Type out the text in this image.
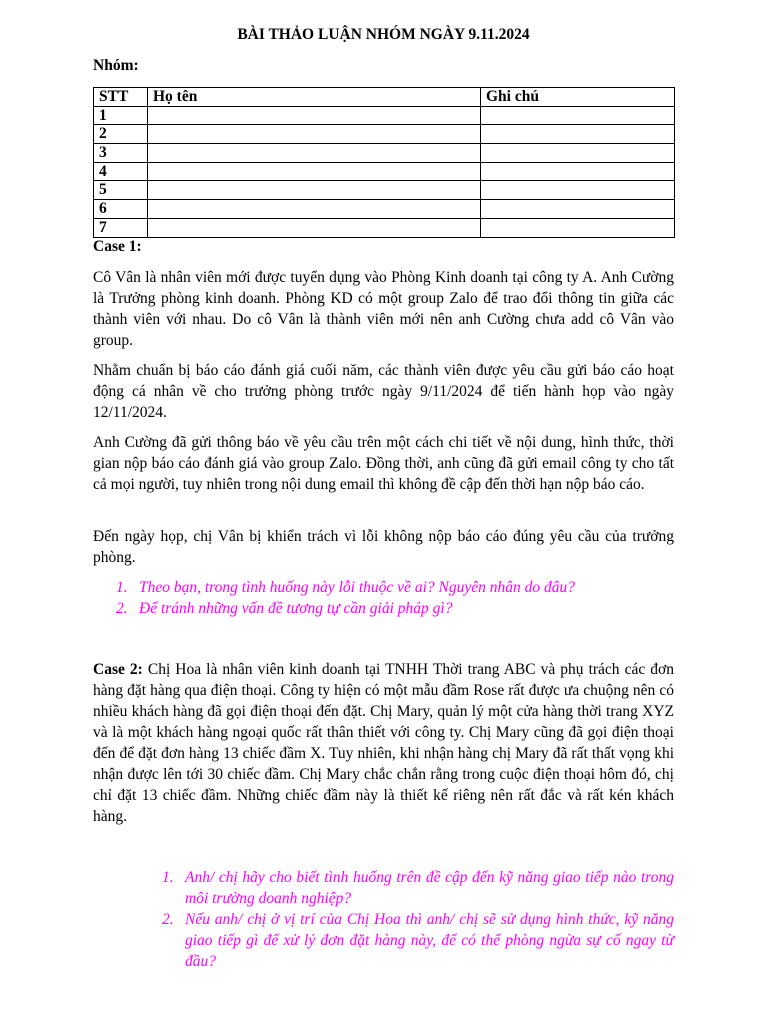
BÀI THẢO LUẬN NHÓM NGÀY 9.11.2024
Nhóm:
STT	Họ tên	Ghi chú
1		
2		
3		
4		
5		
6		
7		
Case 1:

Cô Vân là nhân viên mới được tuyển dụng vào Phòng Kinh doanh tại công ty A. Anh Cường là Trưởng phòng kinh doanh. Phòng KD có một group Zalo để trao đổi thông tin giữa các thành viên với nhau. Do cô Vân là thành viên mới nên anh Cường chưa add cô Vân vào group.

Nhằm chuẩn bị báo cáo đánh giá cuối năm, các thành viên được yêu cầu gửi báo cáo hoạt động cá nhân về cho trưởng phòng trước ngày 9/11/2024 để tiến hành họp vào ngày 12/11/2024.

Anh Cường đã gửi thông báo về yêu cầu trên một cách chi tiết về nội dung, hình thức, thời gian nộp báo cáo đánh giá vào group Zalo. Đồng thời, anh cũng đã gửi email công ty cho tất cả mọi người, tuy nhiên trong nội dung email thì không đề cập đến thời hạn nộp báo cáo.

Đến ngày họp, chị Vân bị khiển trách vì lỗi không nộp báo cáo đúng yêu cầu của trưởng phòng.

1. Theo bạn, trong tình huống này lỗi thuộc về ai? Nguyên nhân do đâu?
2. Để tránh những vấn đề tương tự cần giải pháp gì?

Case 2: Chị Hoa là nhân viên kinh doanh tại TNHH Thời trang ABC và phụ trách các đơn hàng đặt hàng qua điện thoại. Công ty hiện có một mẫu đầm Rose rất được ưa chuộng nên có nhiều khách hàng đã gọi điện thoại đến đặt. Chị Mary, quản lý một cửa hàng thời trang XYZ và là một khách hàng ngoại quốc rất thân thiết với công ty. Chị Mary cũng đã gọi điện thoại đến để đặt đơn hàng 13 chiếc đầm X. Tuy nhiên, khi nhận hàng chị Mary đã rất thất vọng khi nhận được lên tới 30 chiếc đầm. Chị Mary chắc chắn rằng trong cuộc điện thoại hôm đó, chị chỉ đặt 13 chiếc đầm. Những chiếc đầm này là thiết kế riêng nên rất đắc và rất kén khách hàng.

1. Anh/ chị hãy cho biết tình huống trên đề cập đến kỹ năng giao tiếp nào trong môi trường doanh nghiệp?
2. Nếu anh/ chị ở vị trí của Chị Hoa thì anh/ chị sẽ sử dụng hình thức, kỹ năng giao tiếp gì để xử lý đơn đặt hàng này, để có thể phòng ngừa sự cố ngay từ đầu?
